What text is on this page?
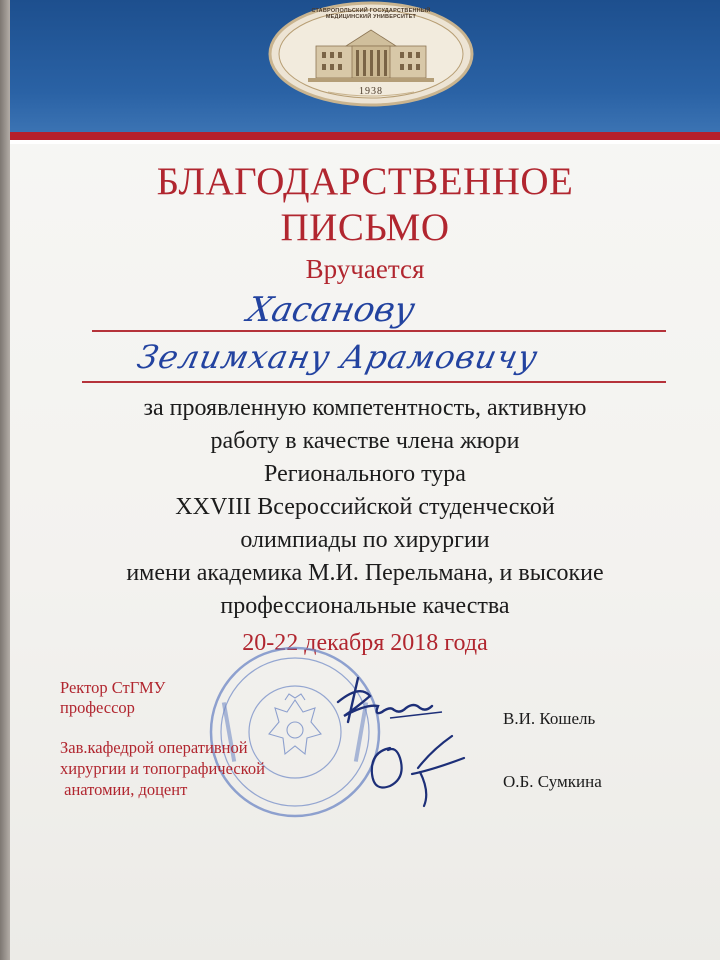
СТАВРОПОЛЬСКИЙ ГОСУДАРСТВЕННЫЙ МЕДИЦИНСКИЙ УНИВЕРСИТЕТ
1938
БЛАГОДАРСТВЕННОЕ
ПИСЬМО
Вручается
Хасанову
Зелимхану Арамовичу
за проявленную компетентность, активную
работу в качестве члена жюри
Регионального тура
XXVIII Всероссийской студенческой
олимпиады по хирургии
имени академика М.И. Перельмана, и высокие
профессиональные качества
20-22 декабря 2018 года
Ректор СтГМУ
профессор
В.И. Кошель
Зав.кафедрой оперативной
хирургии и топографической
анатомии, доцент	О.Б. Сумкина
